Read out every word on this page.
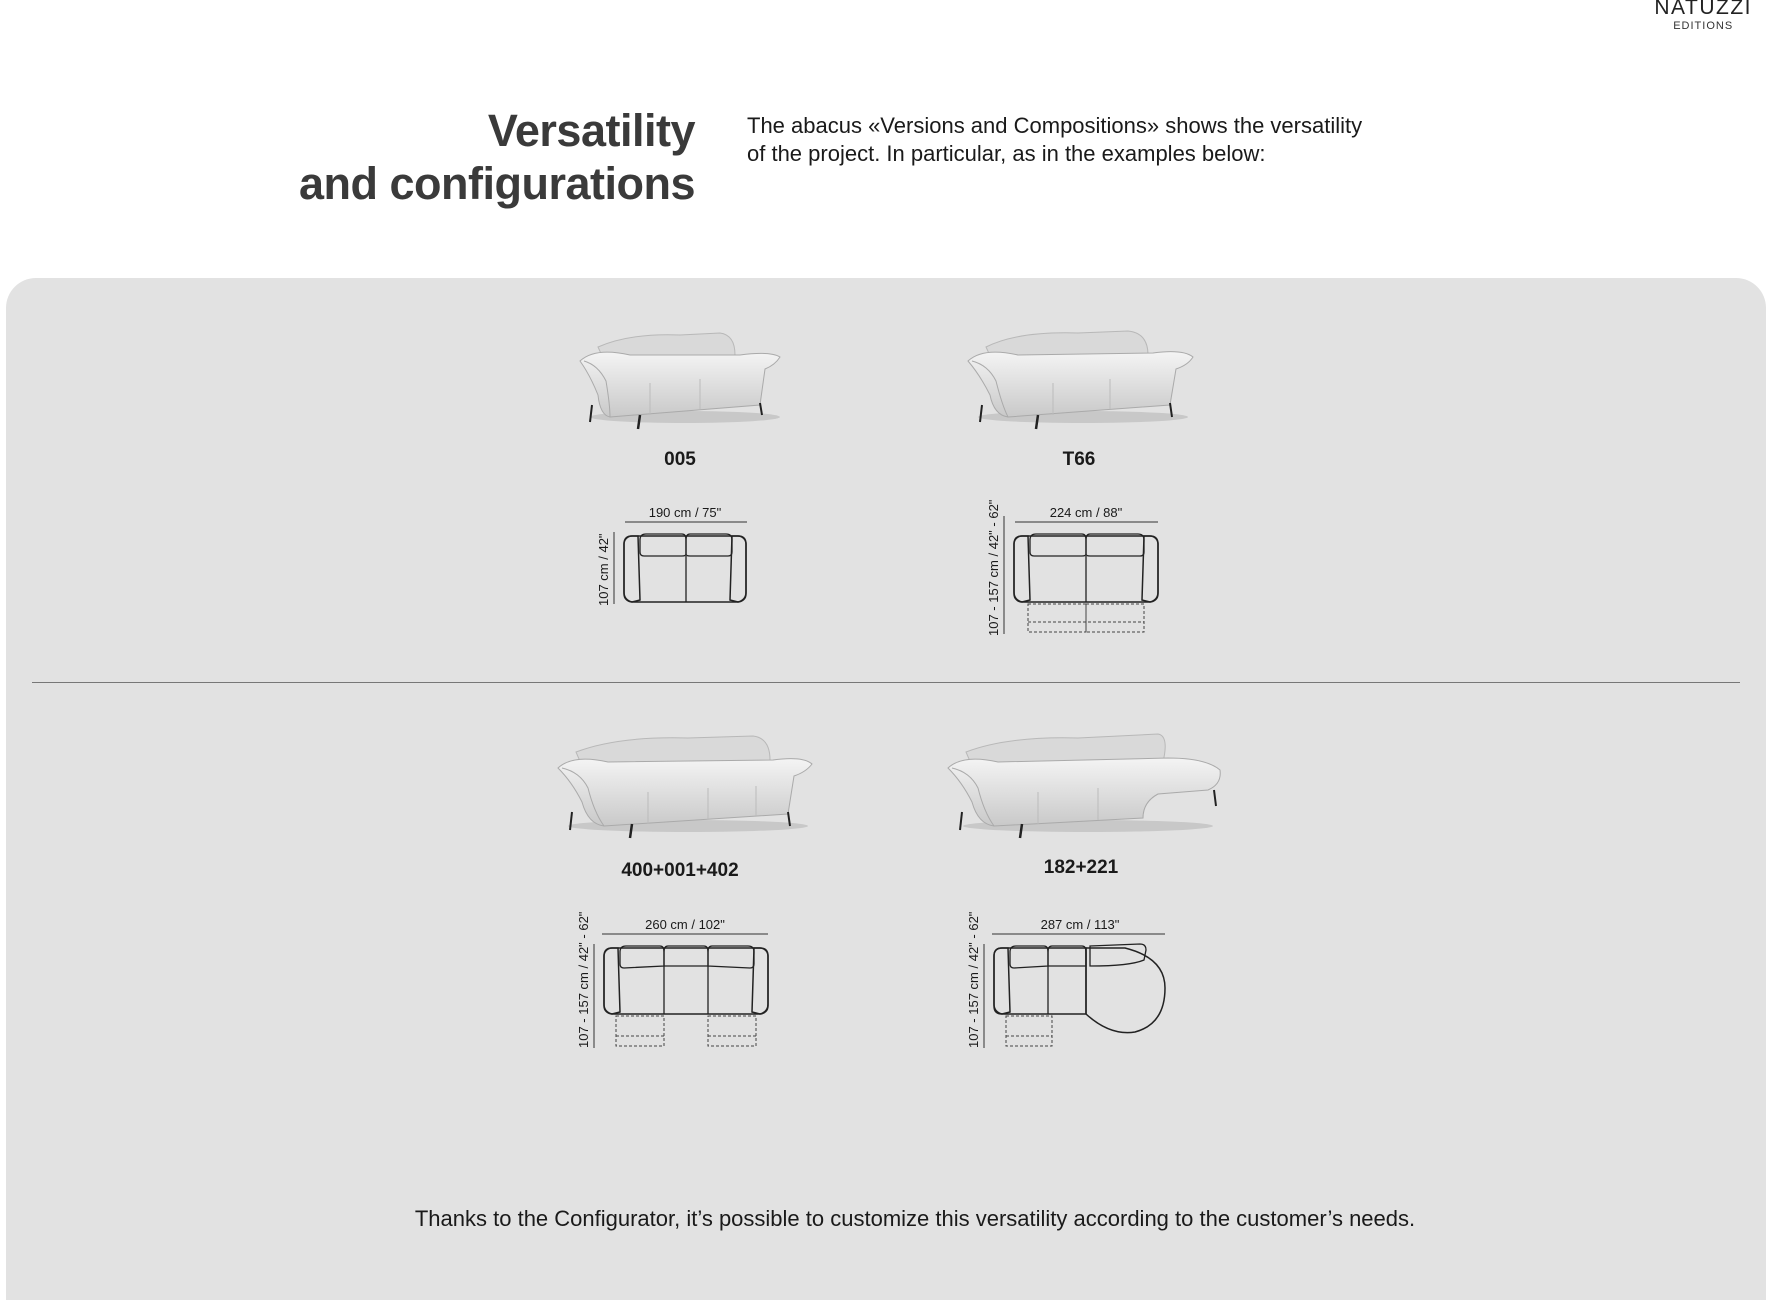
NATUZZI
EDITIONS
Versatility
and configurations
The abacus «Versions and Compositions» shows the versatility
of the project. In particular, as in the examples below:
005	T66
400+001+402	182+221
190 cm / 75"
107 cm / 42"
224 cm / 88"
107 - 157 cm / 42" - 62"
260 cm / 102"
107 - 157 cm / 42" - 62"	287 cm / 113"
107 - 157 cm / 42" - 62"
Thanks to the Configurator, it’s possible to customize this versatility according to the customer’s needs.
